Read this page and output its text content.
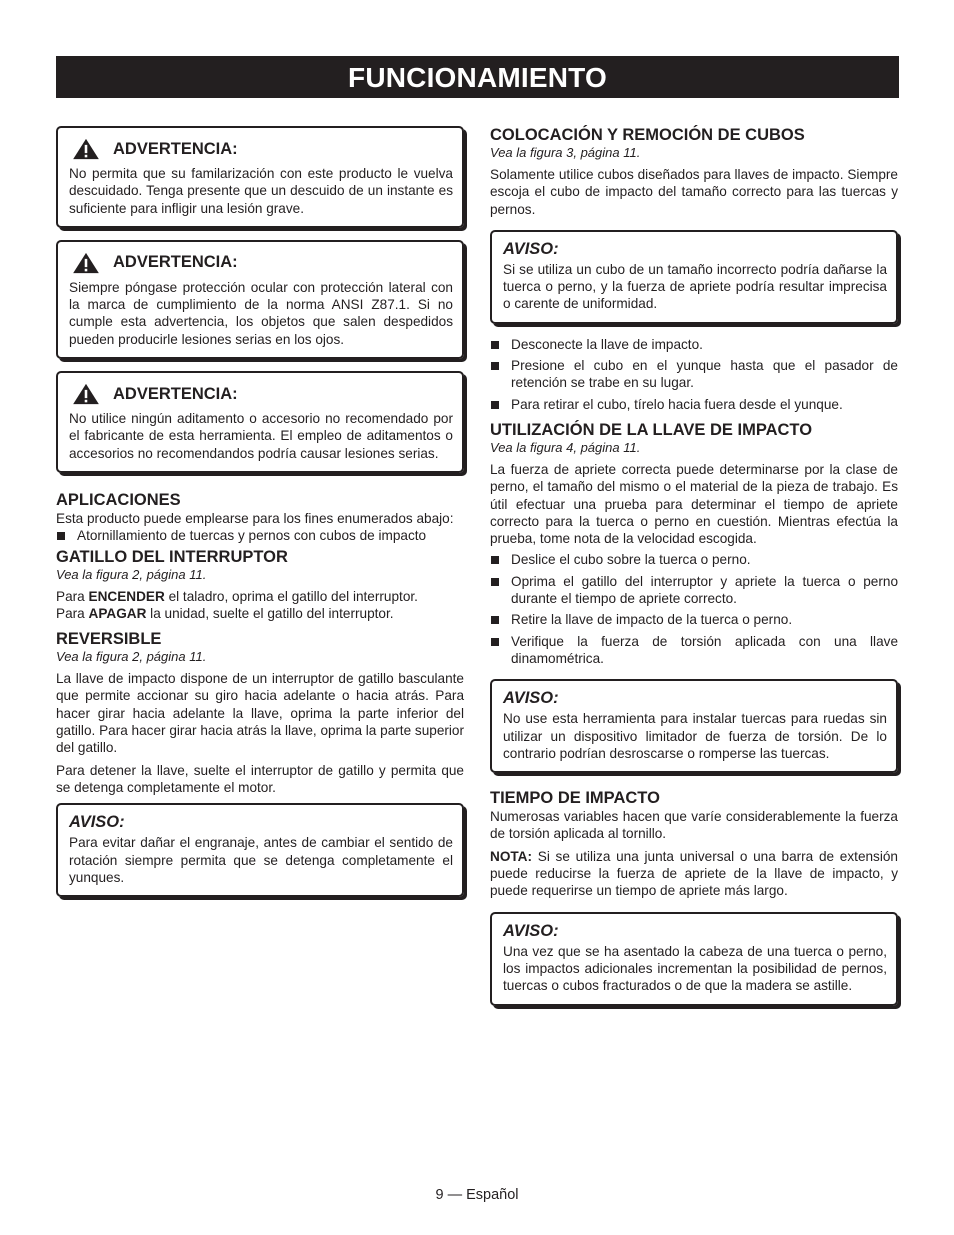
FUNCIONAMIENTO
ADVERTENCIA:

No permita que su familarización con este producto le vuelva descuidado. Tenga presente que un descuido de un instante es suficiente para infligir una lesión grave.

ADVERTENCIA:

Siempre póngase protección ocular con protección lateral con la marca de cumplimiento de la norma ANSI Z87.1. Si no cumple esta advertencia, los objetos que salen despedidos pueden producirle lesiones serias en los ojos.

ADVERTENCIA:

No utilice ningún aditamento o accesorio no recomendado por el fabricante de esta herramienta. El empleo de aditamentos o accesorios no recomendandos podría causar lesiones serias.

APLICACIONES

Esta producto puede emplearse para los fines enumerados abajo:

Atornillamiento de tuercas y pernos con cubos de impacto
GATILLO DEL INTERRUPTOR

Vea la figura 2, página 11.

Para ENCENDER el taladro, oprima el gatillo del interruptor.

Para APAGAR la unidad, suelte el gatillo del interruptor.

REVERSIBLE

Vea la figura 2, página 11.

La llave de impacto dispone de un interruptor de gatillo basculante que permite accionar su giro hacia adelante o hacia atrás. Para hacer girar hacia adelante la llave, oprima la parte inferior del gatillo. Para hacer girar hacia atrás la llave, oprima la parte superior del gatillo.

Para detener la llave, suelte el interruptor de gatillo y permita que se detenga completamente el motor.

AVISO:

Para evitar dañar el engranaje, antes de cambiar el sentido de rotación siempre permita que se detenga completamente el yunques.

COLOCACIÓN Y REMOCIÓN DE CUBOS

Vea la figura 3, página 11.

Solamente utilice cubos diseñados para llaves de impacto. Siempre escoja el cubo de impacto del tamaño correcto para las tuercas y pernos.

AVISO:

Si se utiliza un cubo de un tamaño incorrecto podría dañarse la tuerca o perno, y la fuerza de apriete podría resultar imprecisa o carente de uniformidad.

Desconecte la llave de impacto.
Presione el cubo en el yunque hasta que el pasador de retención se trabe en su lugar.
Para retirar el cubo, tírelo hacia fuera desde el yunque.
UTILIZACIÓN DE LA LLAVE DE IMPACTO

Vea la figura 4, página 11.

La fuerza de apriete correcta puede determinarse por la clase de perno, el tamaño del mismo o el material de la pieza de trabajo. Es útil efectuar una prueba para determinar el tiempo de apriete correcto para la tuerca o perno en cuestión. Mientras efectúa la prueba, tome nota de la velocidad escogida.

Deslice el cubo sobre la tuerca o perno.
Oprima el gatillo del interruptor y apriete la tuerca o perno durante el tiempo de apriete correcto.
Retire la llave de impacto de la tuerca o perno.
Verifique la fuerza de torsión aplicada con una llave dinamométrica.
AVISO:

No use esta herramienta para instalar tuercas para ruedas sin utilizar un dispositivo limitador de fuerza de torsión. De lo contrario podrían desroscarse o romperse las tuercas.

TIEMPO DE IMPACTO

Numerosas variables hacen que varíe considerablemente la fuerza de torsión aplicada al tornillo.

NOTA: Si se utiliza una junta universal o una barra de extensión puede reducirse la fuerza de apriete de la llave de impacto, y puede requerirse un tiempo de apriete más largo.

AVISO:

Una vez que se ha asentado la cabeza de una tuerca o perno, los impactos adicionales incrementan la posibilidad de pernos, tuercas o cubos fracturados o de que la madera se astille.

9 — Español
